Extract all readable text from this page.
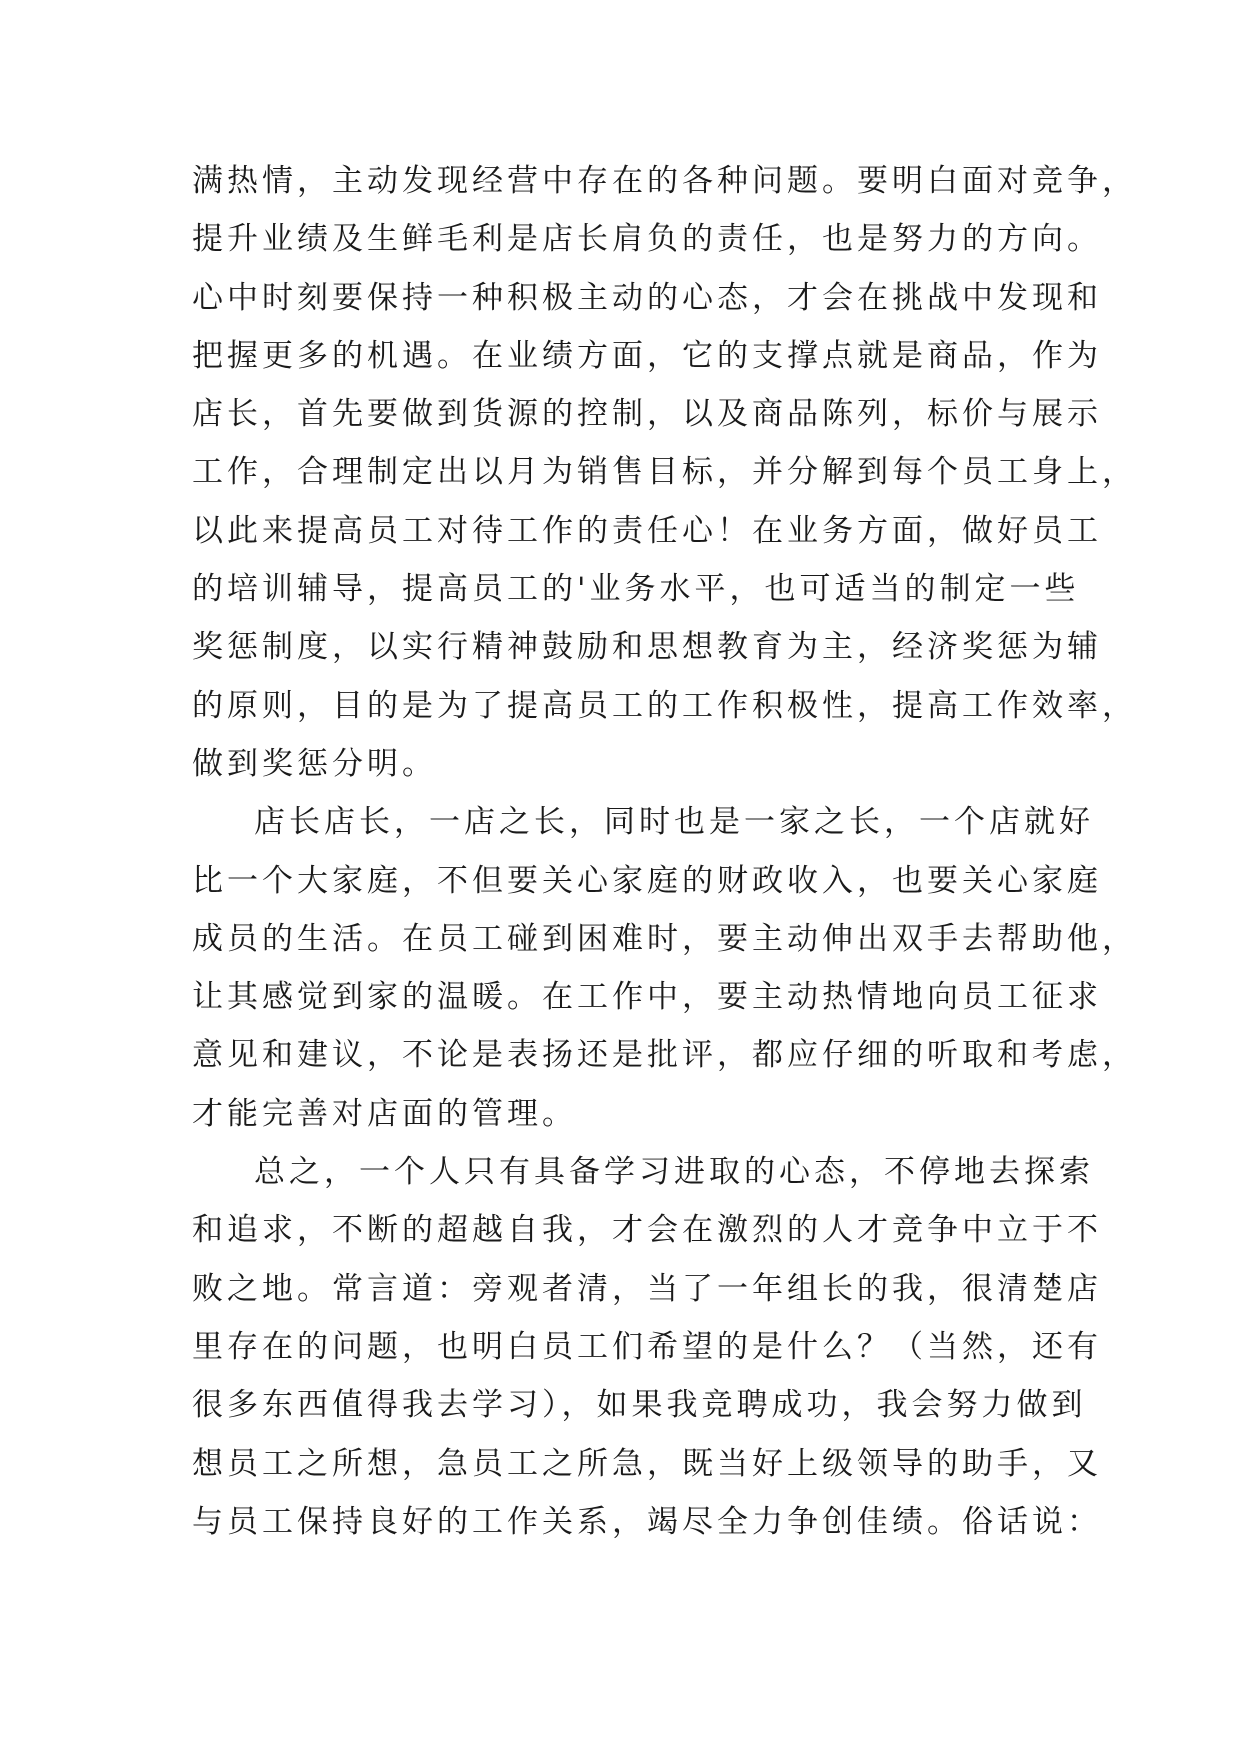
满热情，主动发现经营中存在的各种问题。要明白面对竞争，
提升业绩及生鲜毛利是店长肩负的责任，也是努力的方向。
心中时刻要保持一种积极主动的心态，才会在挑战中发现和
把握更多的机遇。在业绩方面，它的支撑点就是商品，作为
店长，首先要做到货源的控制，以及商品陈列，标价与展示
工作，合理制定出以月为销售目标，并分解到每个员工身上，
以此来提高员工对待工作的责任心！在业务方面，做好员工
的培训辅导，提高员工的'业务水平，也可适当的制定一些
奖惩制度，以实行精神鼓励和思想教育为主，经济奖惩为辅
的原则，目的是为了提高员工的工作积极性，提高工作效率，
做到奖惩分明。
店长店长，一店之长，同时也是一家之长，一个店就好
比一个大家庭，不但要关心家庭的财政收入，也要关心家庭
成员的生活。在员工碰到困难时，要主动伸出双手去帮助他，
让其感觉到家的温暖。在工作中，要主动热情地向员工征求
意见和建议，不论是表扬还是批评，都应仔细的听取和考虑，
才能完善对店面的管理。
总之，一个人只有具备学习进取的心态，不停地去探索
和追求，不断的超越自我，才会在激烈的人才竞争中立于不
败之地。常言道：旁观者清，当了一年组长的我，很清楚店
里存在的问题，也明白员工们希望的是什么？（当然，还有
很多东西值得我去学习），如果我竞聘成功，我会努力做到
想员工之所想，急员工之所急，既当好上级领导的助手，又
与员工保持良好的工作关系，竭尽全力争创佳绩。俗话说：
